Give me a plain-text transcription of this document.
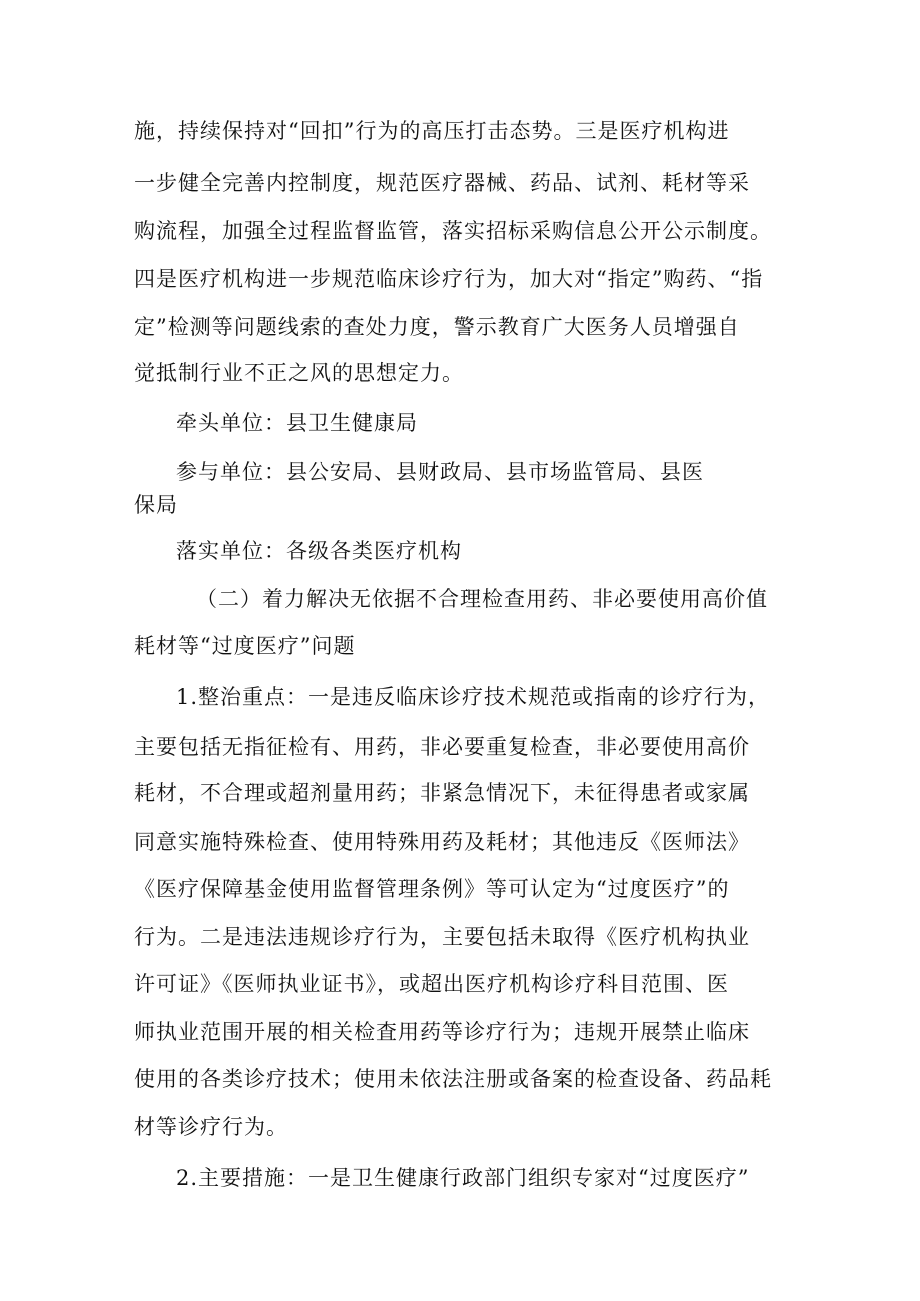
施，持续保持对“回扣”行为的高压打击态势。三是医疗机构进

一步健全完善内控制度，规范医疗器械、药品、试剂、耗材等采

购流程，加强全过程监督监管，落实招标采购信息公开公示制度。

四是医疗机构进一步规范临床诊疗行为，加大对“指定”购药、“指

定”检测等问题线索的查处力度，警示教育广大医务人员增强自

觉抵制行业不正之风的思想定力。

牵头单位：县卫生健康局

参与单位：县公安局、县财政局、县市场监管局、县医

保局

落实单位：各级各类医疗机构

（二）着力解决无依据不合理检查用药、非必要使用高价值

耗材等“过度医疗”问题

1.整治重点：一是违反临床诊疗技术规范或指南的诊疗行为，

主要包括无指征检有、用药，非必要重复检查，非必要使用高价

耗材，不合理或超剂量用药；非紧急情况下，未征得患者或家属

同意实施特殊检查、使用特殊用药及耗材；其他违反《医师法》

《医疗保障基金使用监督管理条例》等可认定为“过度医疗”的

行为。二是违法违规诊疗行为，主要包括未取得《医疗机构执业

许可证》《医师执业证书》，或超出医疗机构诊疗科目范围、医

师执业范围开展的相关检査用药等诊疗行为；违规开展禁止临床

使用的各类诊疗技术；使用未依法注册或备案的检查设备、药品耗

材等诊疗行为。

2.主要措施：一是卫生健康行政部门组织专家对“过度医疗”
